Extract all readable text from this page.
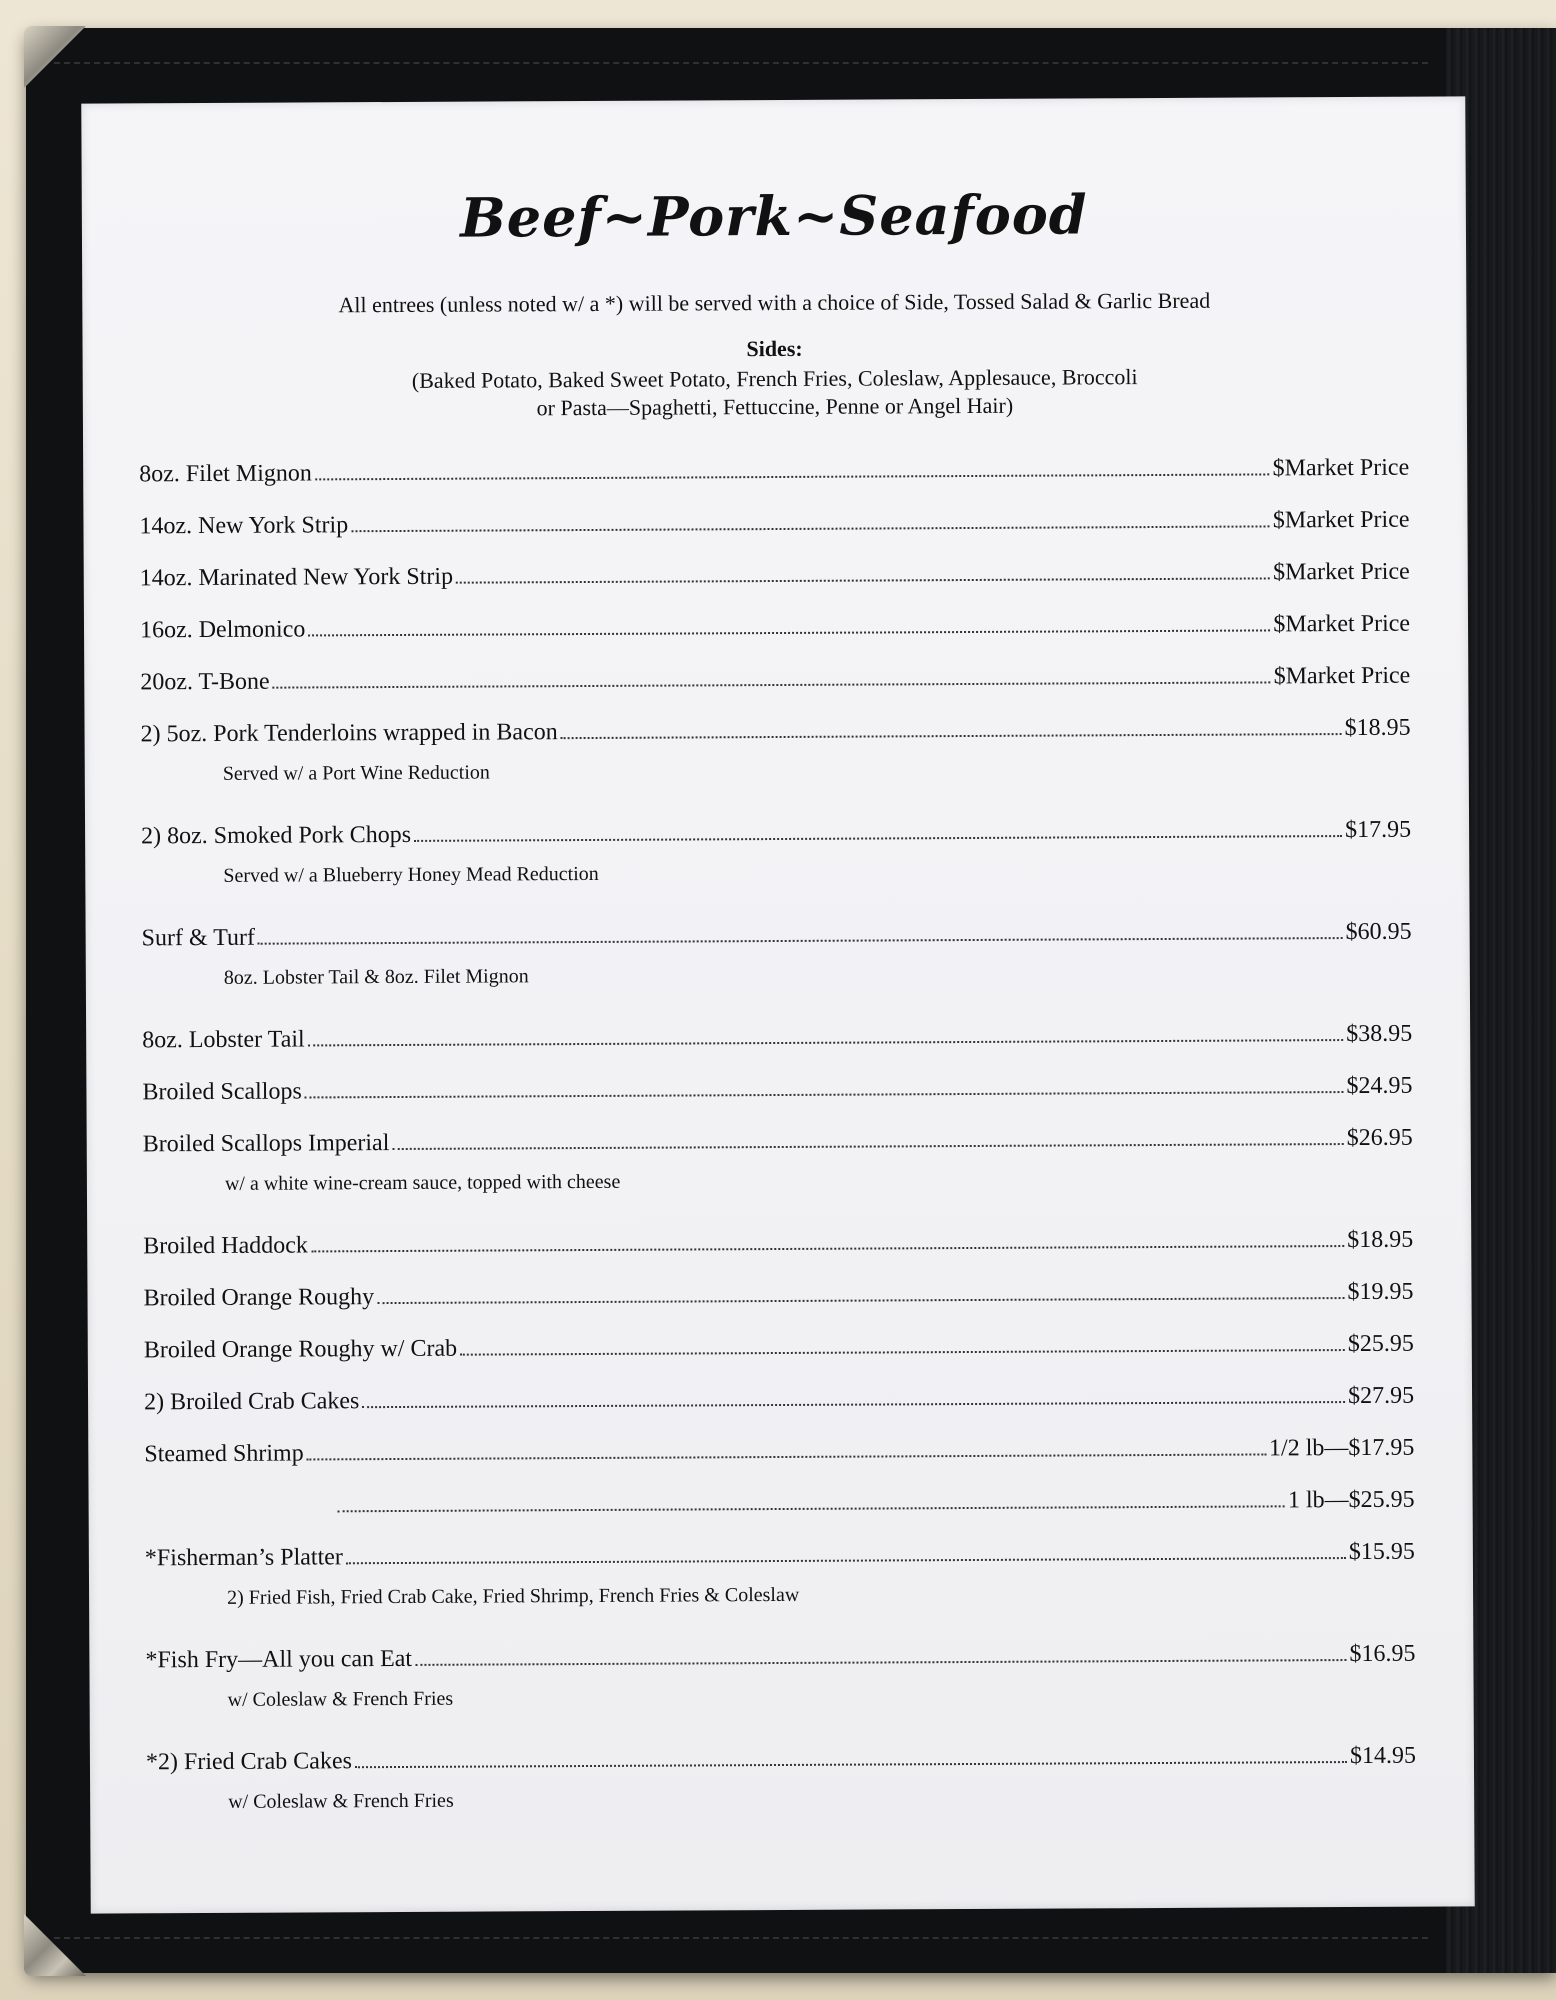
Beef~Pork~Seafood
All entrees (unless noted w/ a *) will be served with a choice of Side, Tossed Salad & Garlic Bread
Sides:
(Baked Potato, Baked Sweet Potato, French Fries, Coleslaw, Applesauce, Broccoli
or Pasta—Spaghetti, Fettuccine, Penne or Angel Hair)
8oz. Filet Mignon	$Market Price
14oz. New York Strip	$Market Price
14oz. Marinated New York Strip	$Market Price
16oz. Delmonico	$Market Price
20oz. T-Bone	$Market Price
2) 5oz. Pork Tenderloins wrapped in Bacon	$18.95
Served w/ a Port Wine Reduction
2) 8oz. Smoked Pork Chops	$17.95
Served w/ a Blueberry Honey Mead Reduction
Surf & Turf	$60.95
8oz. Lobster Tail & 8oz. Filet Mignon
8oz. Lobster Tail	$38.95
Broiled Scallops	$24.95
Broiled Scallops Imperial	$26.95
w/ a white wine-cream sauce, topped with cheese
Broiled Haddock	$18.95
Broiled Orange Roughy	$19.95
Broiled Orange Roughy w/ Crab	$25.95
2) Broiled Crab Cakes	$27.95
Steamed Shrimp	1/2 lb—$17.95
1 lb—$25.95
*Fisherman’s Platter	$15.95
2) Fried Fish, Fried Crab Cake, Fried Shrimp, French Fries & Coleslaw
*Fish Fry—All you can Eat	$16.95
w/ Coleslaw & French Fries
*2) Fried Crab Cakes	$14.95
w/ Coleslaw & French Fries
